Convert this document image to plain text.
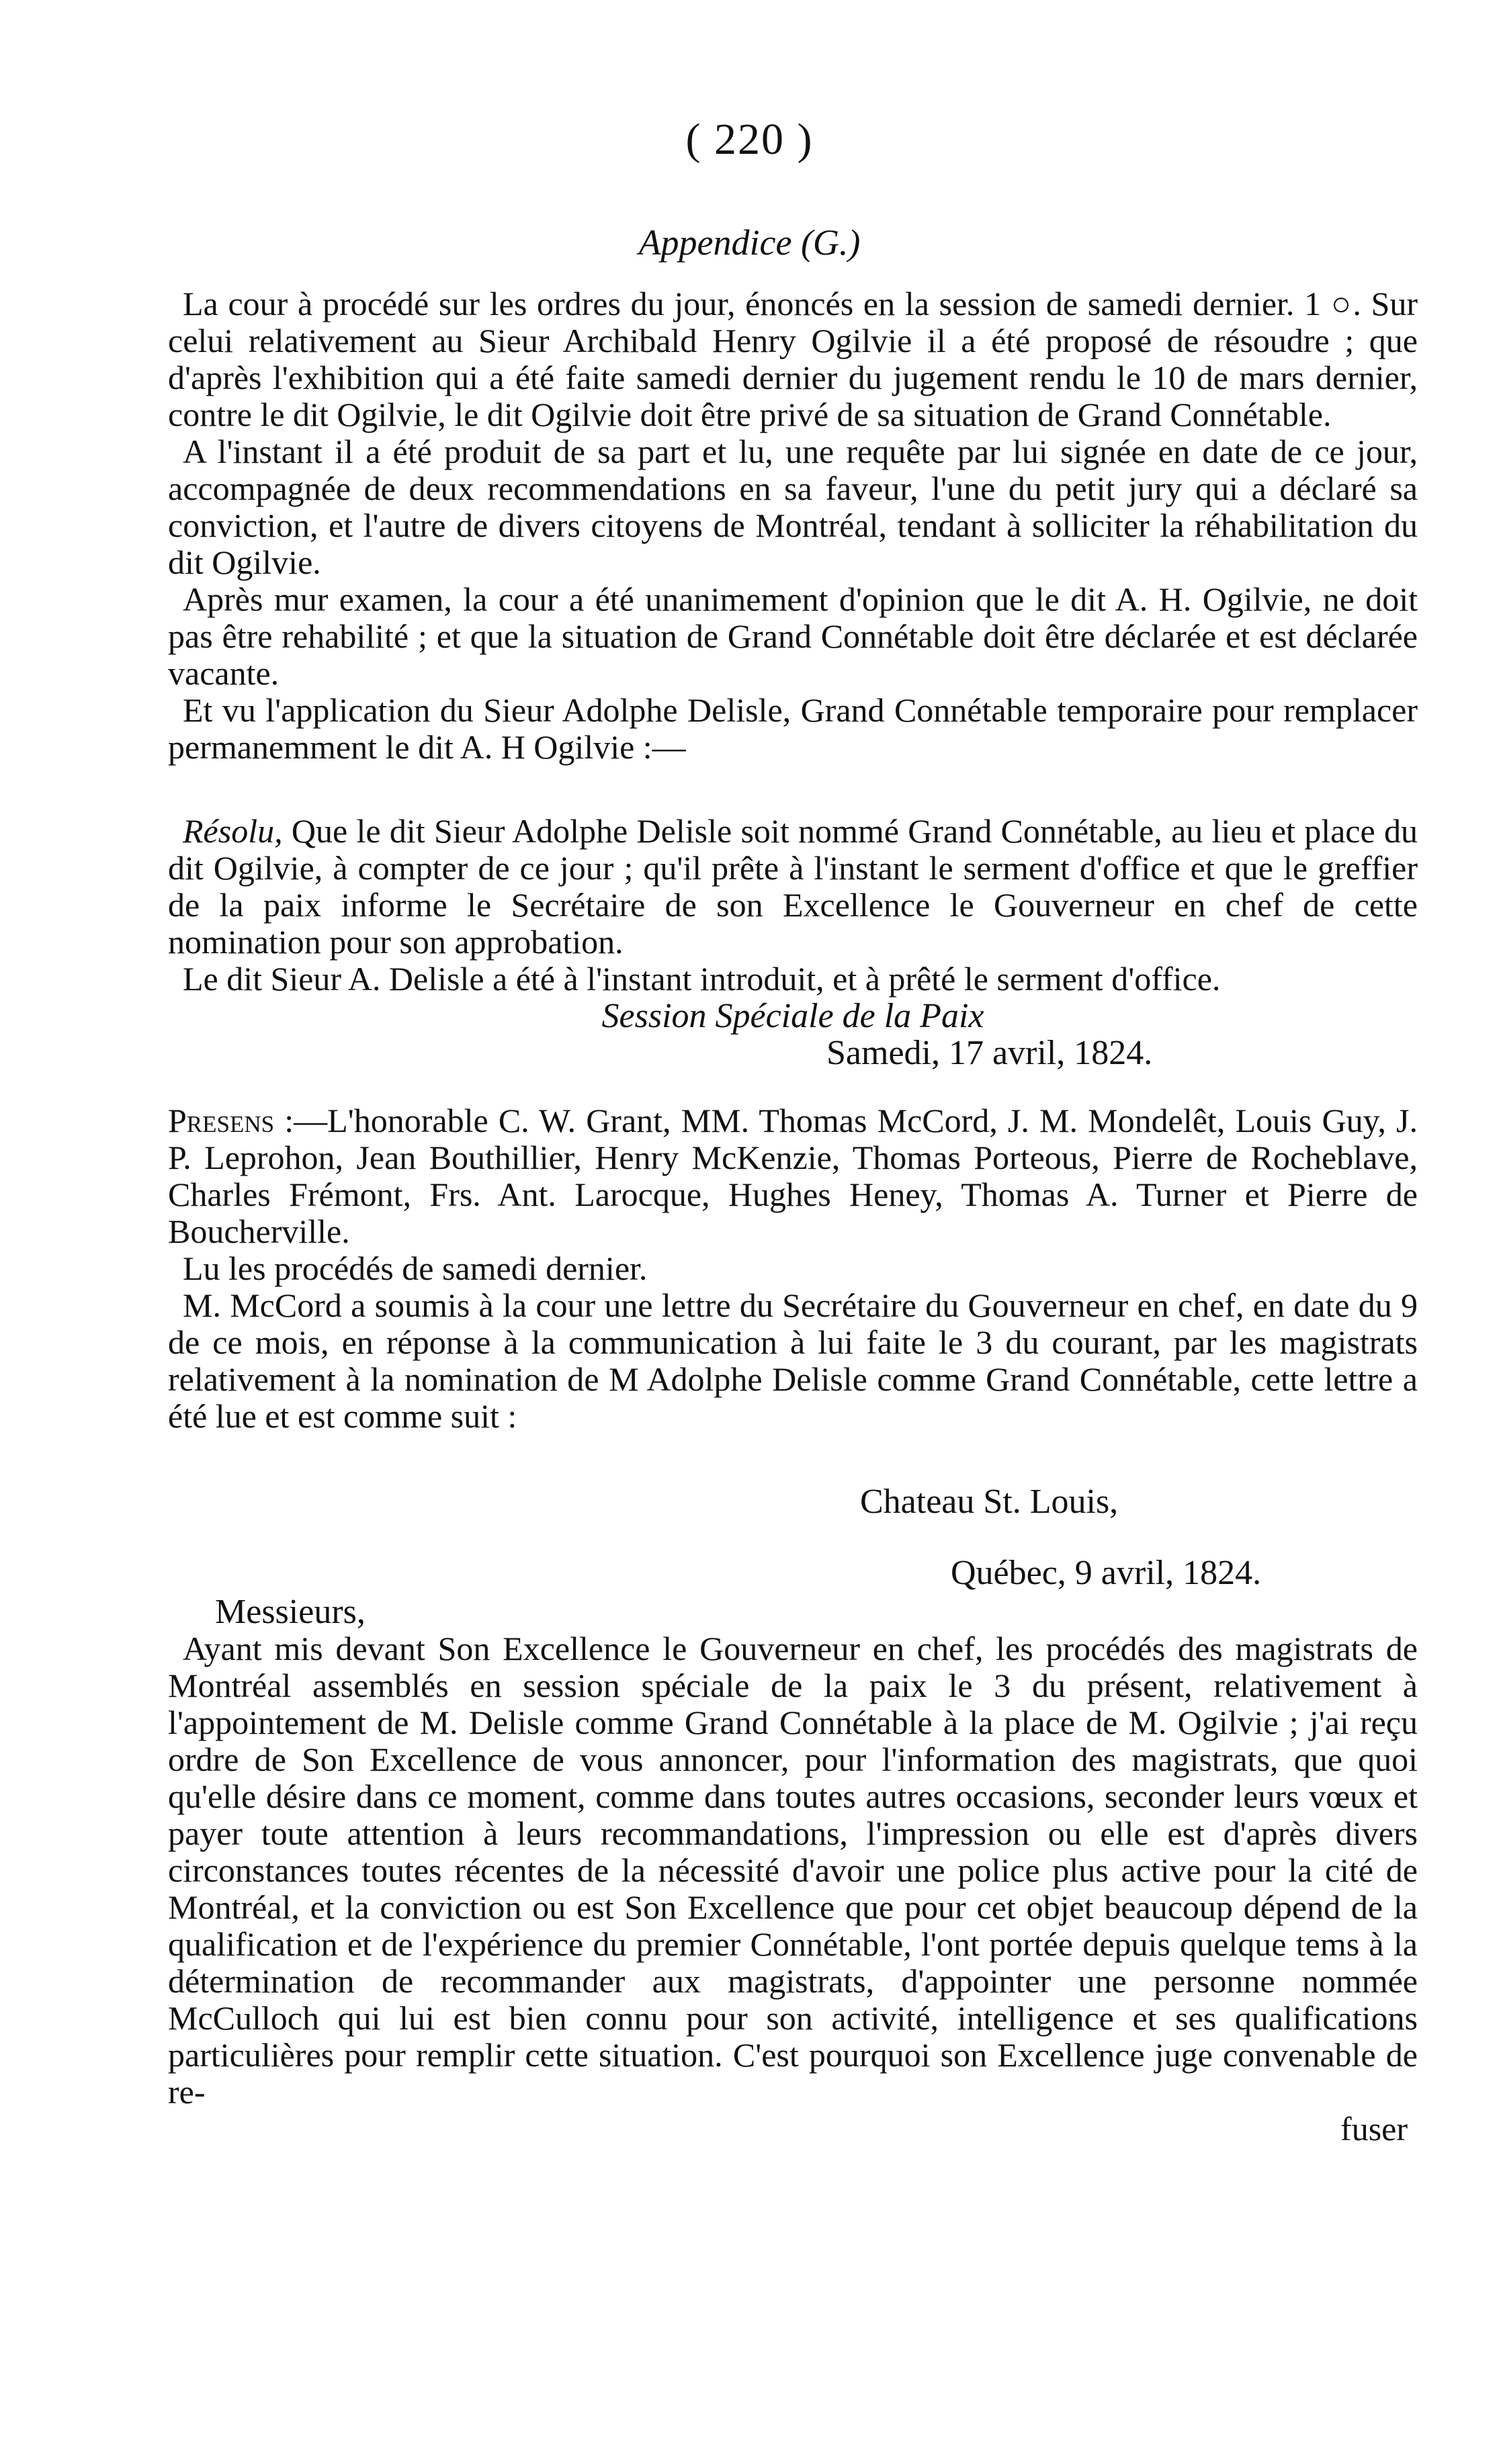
( 220 )
Appendice (G.)

La cour à procédé sur les ordres du jour, énoncés en la session de samedi dernier. 1 ○. Sur celui relativement au Sieur Archibald Henry Ogilvie il a été proposé de résoudre ; que d'après l'exhibition qui a été faite samedi dernier du jugement rendu le 10 de mars dernier, contre le dit Ogilvie, le dit Ogilvie doit être privé de sa situation de Grand Connétable.

A l'instant il a été produit de sa part et lu, une requête par lui signée en date de ce jour, accompagnée de deux recommendations en sa faveur, l'une du petit jury qui a déclaré sa conviction, et l'autre de divers citoyens de Montréal, tendant à solliciter la réhabilitation du dit Ogilvie.

Après mur examen, la cour a été unanimement d'opinion que le dit A. H. Ogilvie, ne doit pas être rehabilité ; et que la situation de Grand Connétable doit être déclarée et est déclarée vacante.

Et vu l'application du Sieur Adolphe Delisle, Grand Connétable temporaire pour remplacer permanemment le dit A. H Ogilvie :—

Résolu, Que le dit Sieur Adolphe Delisle soit nommé Grand Connétable, au lieu et place du dit Ogilvie, à compter de ce jour ; qu'il prête à l'instant le serment d'office et que le greffier de la paix informe le Secrétaire de son Excellence le Gouverneur en chef de cette nomination pour son approbation.

Le dit Sieur A. Delisle a été à l'instant introduit, et à prêté le serment d'office.

Session Spéciale de la Paix

Samedi, 17 avril, 1824.

Presens :—L'honorable C. W. Grant, MM. Thomas McCord, J. M. Mondelêt, Louis Guy, J. P. Leprohon, Jean Bouthillier, Henry McKenzie, Thomas Porteous, Pierre de Rocheblave, Charles Frémont, Frs. Ant. Larocque, Hughes Heney, Thomas A. Turner et Pierre de Boucherville.

Lu les procédés de samedi dernier.

M. McCord a soumis à la cour une lettre du Secrétaire du Gouverneur en chef, en date du 9 de ce mois, en réponse à la communication à lui faite le 3 du courant, par les magistrats relativement à la nomination de M Adolphe Delisle comme Grand Connétable, cette lettre a été lue et est comme suit :

Chateau St. Louis,

Québec, 9 avril, 1824.

Messieurs,

Ayant mis devant Son Excellence le Gouverneur en chef, les procédés des magistrats de Montréal assemblés en session spéciale de la paix le 3 du présent, relativement à l'appointement de M. Delisle comme Grand Connétable à la place de M. Ogilvie ; j'ai reçu ordre de Son Excellence de vous annoncer, pour l'information des magistrats, que quoi qu'elle désire dans ce moment, comme dans toutes autres occasions, seconder leurs vœux et payer toute attention à leurs recommandations, l'impression ou elle est d'après divers circonstances toutes récentes de la nécessité d'avoir une police plus active pour la cité de Montréal, et la conviction ou est Son Excellence que pour cet objet beaucoup dépend de la qualification et de l'expérience du premier Connétable, l'ont portée depuis quelque tems à la détermination de recommander aux magistrats, d'appointer une personne nommée McCulloch qui lui est bien connu pour son activité, intelligence et ses qualifications particulières pour remplir cette situation. C'est pourquoi son Excellence juge convenable de re-

fuser
